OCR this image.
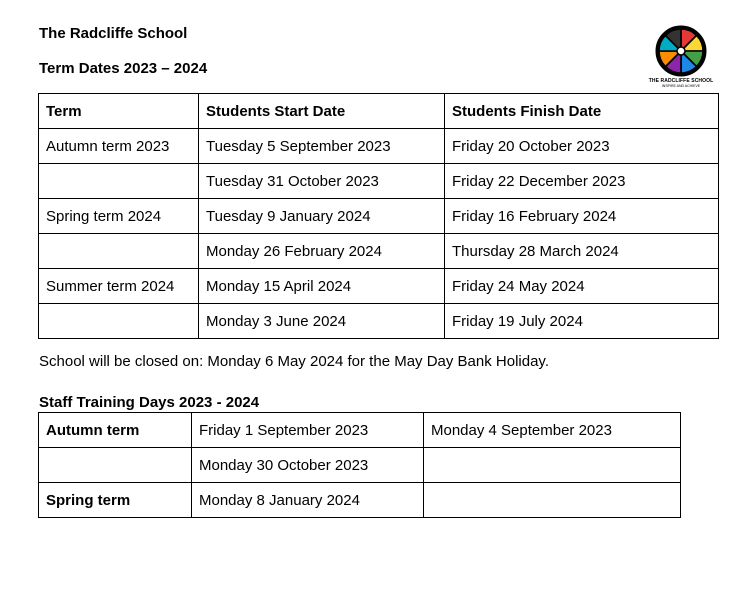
The Radcliffe School
Term Dates 2023 – 2024
THE RADCLIFFE SCHOOL
INSPIRE AND ACHIEVE
Term	Students Start Date	Students Finish Date
Autumn term 2023	Tuesday 5 September 2023	Friday 20 October 2023
	Tuesday 31 October 2023	Friday 22 December 2023
Spring term 2024	Tuesday 9 January 2024	Friday 16 February 2024
	Monday 26 February 2024	Thursday 28 March 2024
Summer term 2024	Monday 15 April 2024	Friday 24 May 2024
	Monday 3 June 2024	Friday 19 July 2024
School will be closed on: Monday 6 May 2024 for the May Day Bank Holiday.
Staff Training Days 2023 - 2024
Autumn term	Friday 1 September 2023	Monday 4 September 2023
	Monday 30 October 2023	
Spring term	Monday 8 January 2024	
